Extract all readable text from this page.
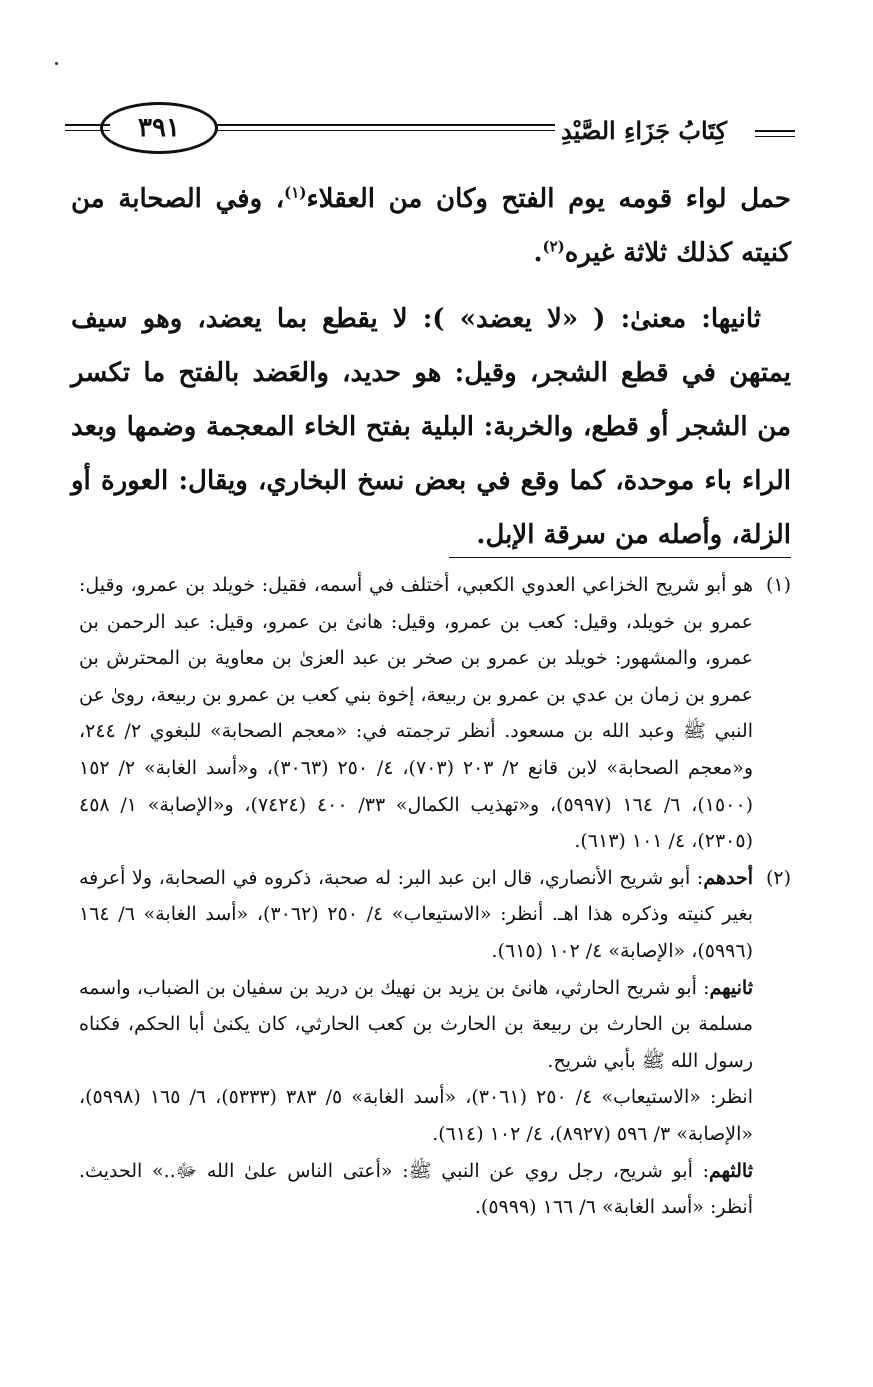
كِتَابُ جَزَاءِ الصَّيْدِ
٣٩١

حمل لواء قومه يوم الفتح وكان من العقلاء$^{(١)}$، وفي الصحابة من كنيته كذلك ثلاثة غيره$^{(٢)}$.

ثانيها: معنىٰ: ( «لا يعضد» ): لا يقطع بما يعضد، وهو سيف يمتهن في قطع الشجر، وقيل: هو حديد، والعَضد بالفتح ما تكسر من الشجر أو قطع، والخربة: البلية بفتح الخاء المعجمة وضمها وبعد الراء باء موحدة، كما وقع في بعض نسخ البخاري، ويقال: العورة أو الزلة، وأصله من سرقة الإبل.

(١)

هو أبو شريح الخزاعي العدوي الكعبي، أختلف في أسمه، فقيل: خويلد بن عمرو، وقيل: عمرو بن خويلد، وقيل: كعب بن عمرو، وقيل: هانئ بن عمرو، وقيل: عبد الرحمن بن عمرو، والمشهور: خويلد بن عمرو بن صخر بن عبد العزىٰ بن معاوية بن المحترش بن عمرو بن زمان بن عدي بن عمرو بن ربيعة، إخوة بني كعب بن عمرو بن ربيعة، رویٰ عن النبي ﷺ وعبد الله بن مسعود. أنظر ترجمته في: «معجم الصحابة» للبغوي ٢/ ٢٤٤، و«معجم الصحابة» لابن قانع ٢/ ٢٠٣ (٧٠٣)، ٤/ ٢٥٠ (٣٠٦٣)، و«أسد الغابة» ٢/ ١٥٢ (١٥٠٠)، ٦/ ١٦٤ (٥٩٩٧)، و«تهذيب الكمال» ٣٣/ ٤٠٠ (٧٤٢٤)، و«الإصابة» ١/ ٤٥٨ (٢٣٠٥)، ٤/ ١٠١ (٦١٣).

(٢)

أحدهم: أبو شريح الأنصاري، قال ابن عبد البر: له صحبة، ذكروه في الصحابة، ولا أعرفه بغير كنيته وذكره هذا اهـ. أنظر: «الاستيعاب» ٤/ ٢٥٠ (٣٠٦٢)، «أسد الغابة» ٦/ ١٦٤ (٥٩٩٦)، «الإصابة» ٤/ ١٠٢ (٦١٥).

ثانيهم: أبو شريح الحارثي، هانئ بن يزيد بن نهيك بن دريد بن سفيان بن الضباب، واسمه مسلمة بن الحارث بن ربيعة بن الحارث بن كعب الحارثي، كان يكنىٰ أبا الحكم، فكناه رسول الله ﷺ بأبي شريح.

انظر: «الاستيعاب» ٤/ ٢٥٠ (٣٠٦١)، «أسد الغابة» ٥/ ٣٨٣ (٥٣٣٣)، ٦/ ١٦٥ (٥٩٩٨)، «الإصابة» ٣/ ٥٩٦ (٨٩٢٧)، ٤/ ١٠٢ (٦١٤).

ثالثهم: أبو شريح، رجل روي عن النبي ﷺ: «أعتى الناس علىٰ الله ﷻ..» الحديث. أنظر: «أسد الغابة» ٦/ ١٦٦ (٥٩٩٩).
